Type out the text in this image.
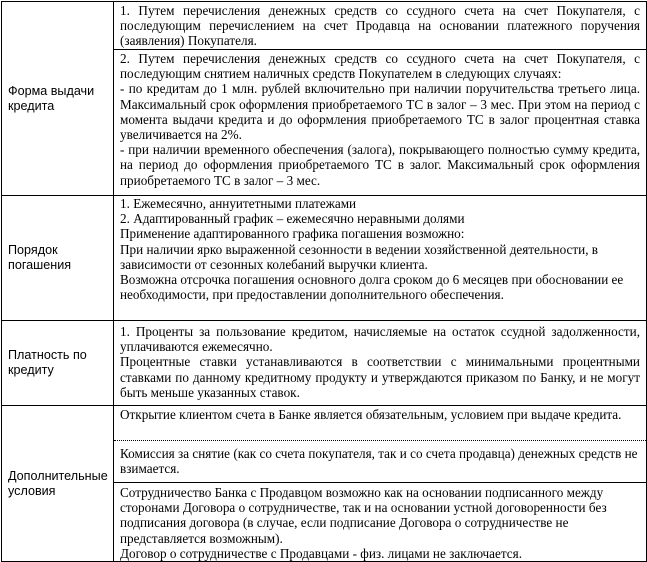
Форма выдачи кредита	1. Путем перечисления денежных средств со ссудного счета на счет Покупателя, с последующим перечислением на счет Продавца на основании платежного поручения (заявления) Покупателя.

	2. Путем перечисления денежных средств со ссудного счета на счет Покупателя, с последующим снятием наличных средств Покупателем в следующих случаях:

- по кредитам до 1 млн. рублей включительно при наличии поручительства третьего лица. Максимальный срок оформления приобретаемого ТС в залог – 3 мес. При этом на период с момента выдачи кредита и до оформления приобретаемого ТС в залог процентная ставка увеличивается на 2%.

- при наличии временного обеспечения (залога), покрывающего полностью сумму кредита, на период до оформления приобретаемого ТС в залог. Максимальный срок оформления приобретаемого ТС в залог – 3 мес.

Порядок погашения	1. Ежемесячно, аннуитетными платежами

2. Адаптированный график – ежемесячно неравными долями

Применение адаптированного графика погашения возможно:

При наличии ярко выраженной сезонности в ведении хозяйственной деятельности, в зависимости от сезонных колебаний выручки клиента.

Возможна отсрочка погашения основного долга сроком до 6 месяцев при обосновании ее необходимости, при предоставлении дополнительного обеспечения.

Платность по кредиту	1. Проценты за пользование кредитом, начисляемые на остаток ссудной задолженности, уплачиваются ежемесячно.

Процентные ставки устанавливаются в соответствии с минимальными процентными ставками по данному кредитному продукту и утверждаются приказом по Банку, и не могут быть меньше указанных ставок.

Дополнительные условия	Открытие клиентом счета в Банке является обязательным, условием при выдаче кредита.

	Комиссия за снятие (как со счета покупателя, так и со счета продавца) денежных средств не взимается.

	Сотрудничество Банка с Продавцом возможно как на основании подписанного между сторонами Договора о сотрудничестве, так и на основании устной договоренности без подписания договора (в случае, если подписание Договора о сотрудничестве не представляется возможным).

Договор о сотрудничестве с Продавцами - физ. лицами не заключается.
